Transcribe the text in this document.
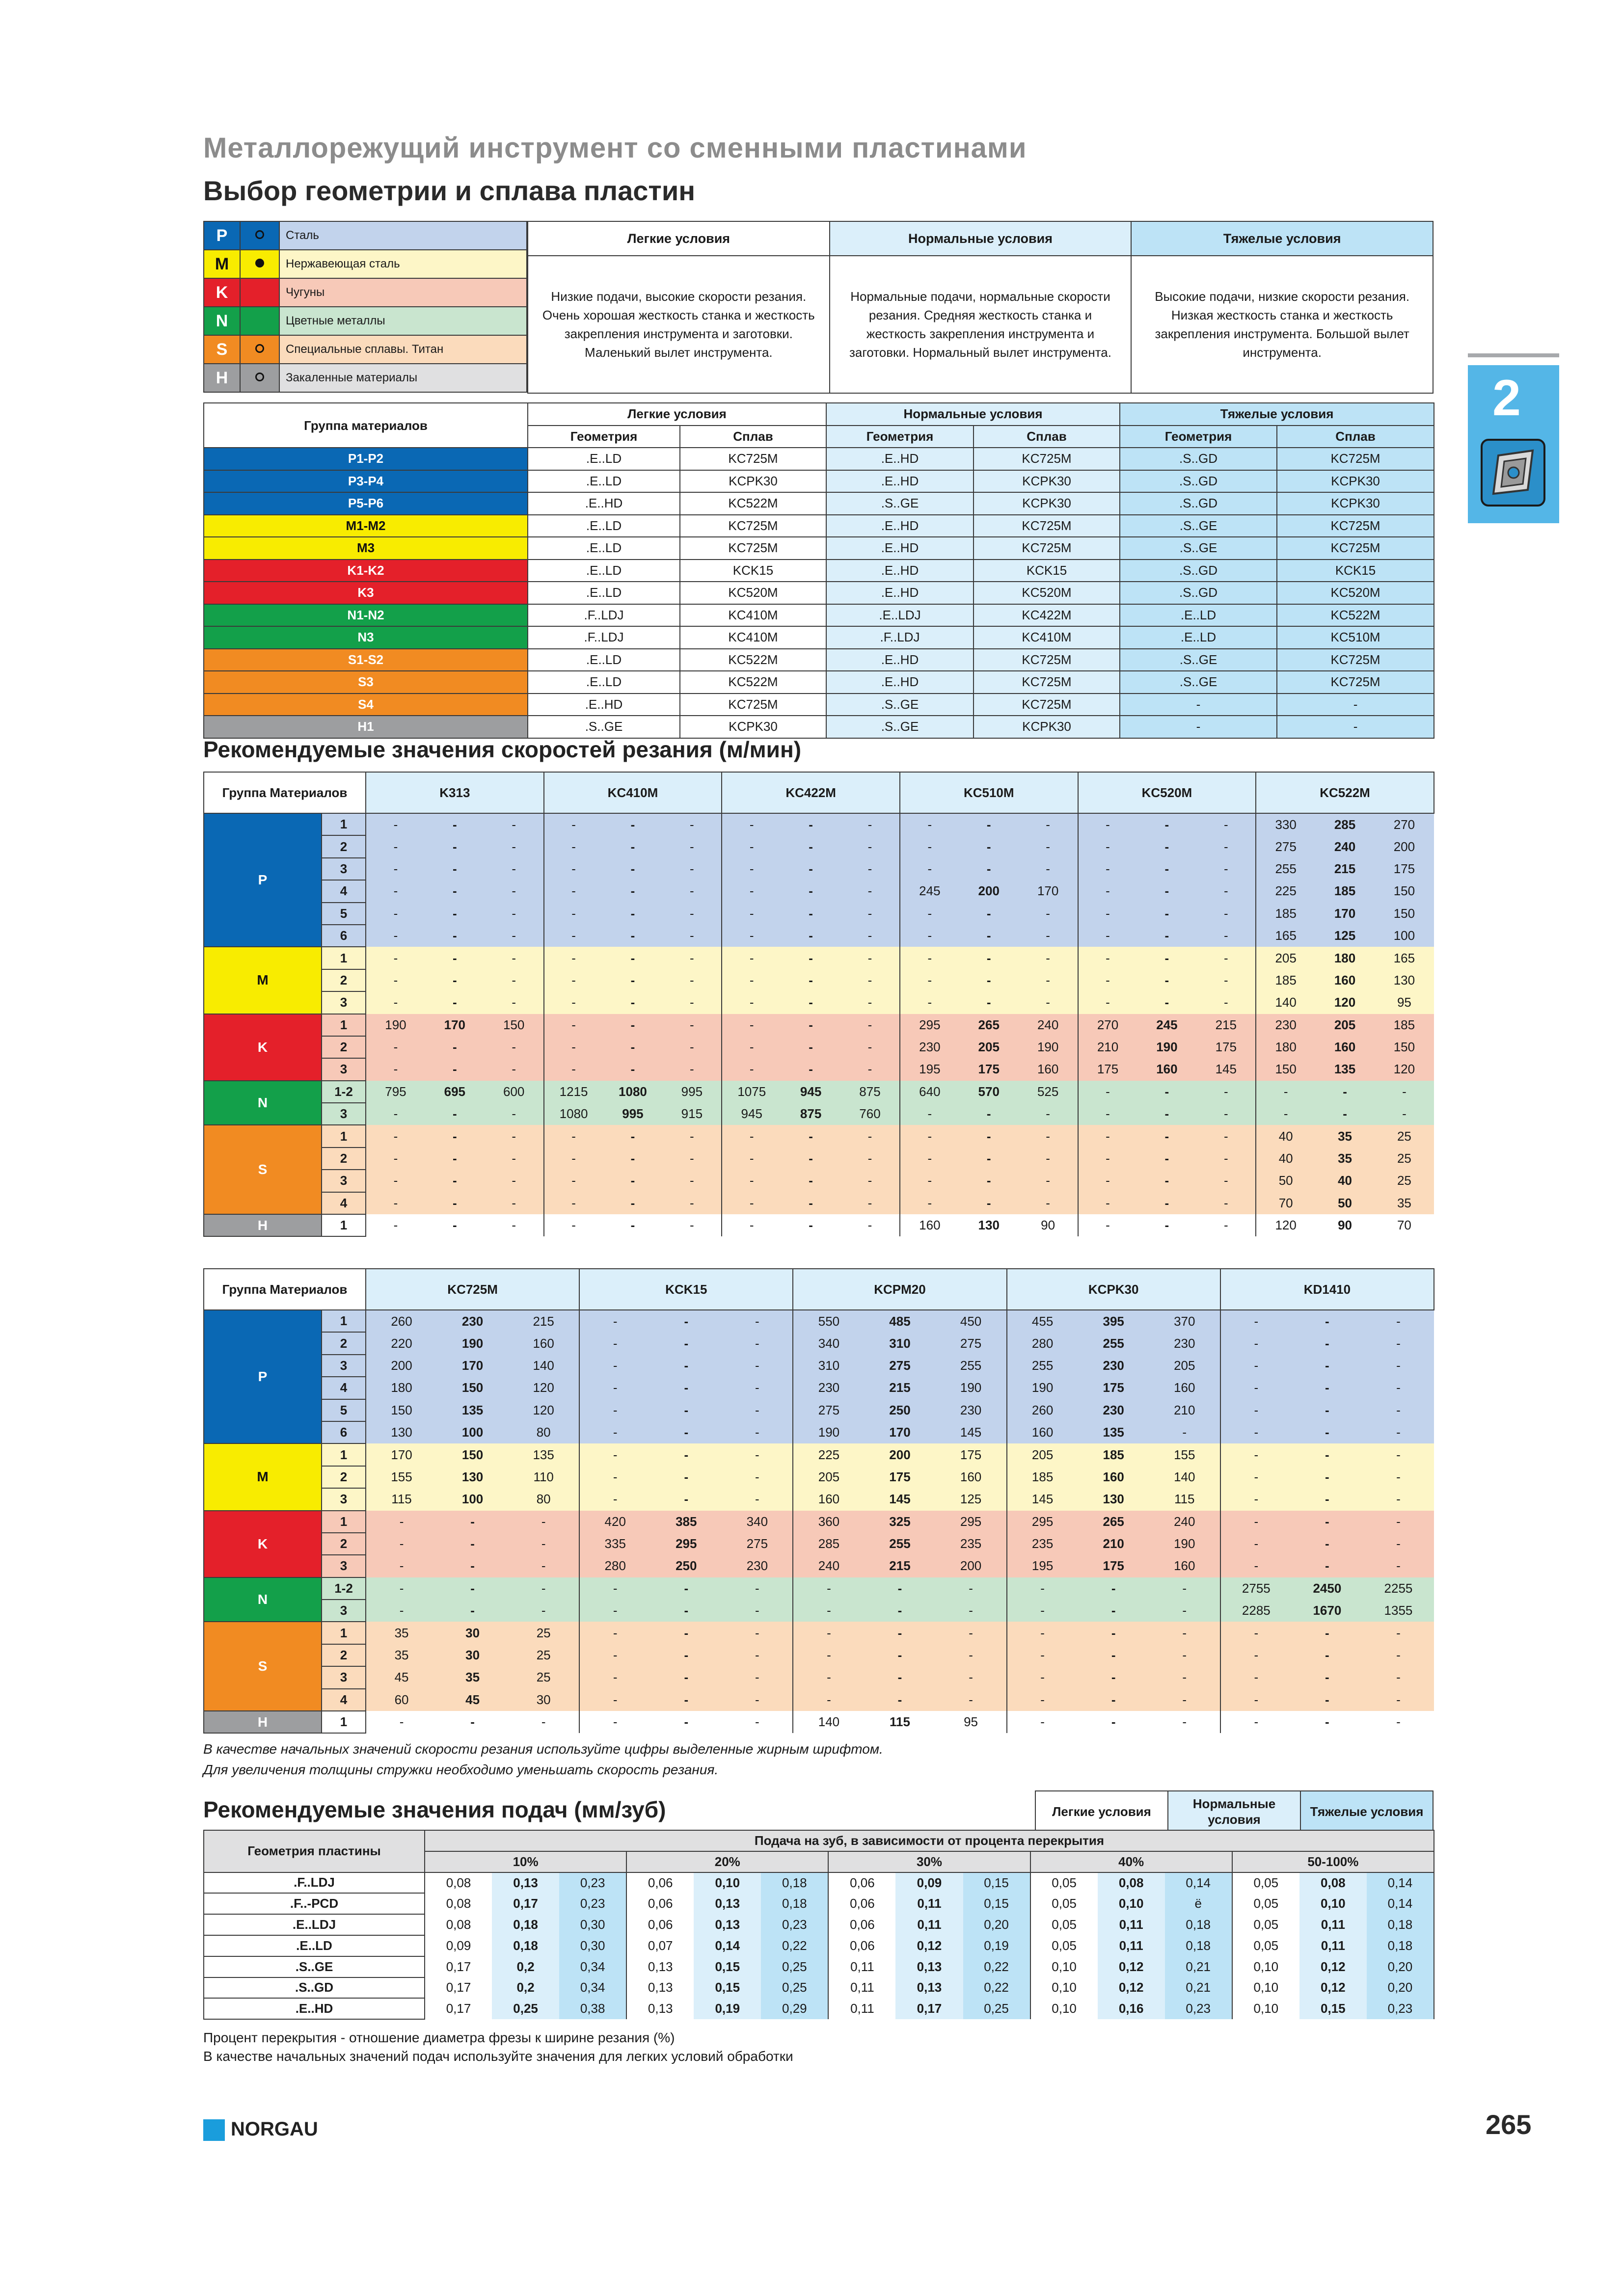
Металлорежущий инструмент со сменными пластинами
Выбор геометрии и сплава пластин
P		Сталь
M		Нержавеющая сталь
K		Чугуны
N		Цветные металлы
S		Специальные сплавы. Титан
H		Закаленные материалы
Легкие условия	Нормальные условия	Тяжелые условия
Низкие подачи, высокие скорости резания. Очень хорошая жесткость станка и жесткость закрепления инструмента и заготовки. Маленький вылет инструмента.	Нормальные подачи, нормальные скорости резания. Средняя жесткость станка и жесткость закрепления инструмента и заготовки. Нормальный вылет инструмента.	Высокие подачи, низкие скорости резания. Низкая жесткость станка и жесткость закрепления инструмента. Большой вылет инструмента.
Группа материалов	Легкие условия		Нормальные условия		Тяжелые условия	
	Геометрия	Сплав	Геометрия	Сплав	Геометрия	Сплав
P1-P2	.E..LD	KC725M	.E..HD	KC725M	.S..GD	KC725M
P3-P4	.E..LD	KCPK30	.E..HD	KCPK30	.S..GD	KCPK30
P5-P6	.E..HD	KC522M	.S..GE	KCPK30	.S..GD	KCPK30
M1-M2	.E..LD	KC725M	.E..HD	KC725M	.S..GE	KC725M
M3	.E..LD	KC725M	.E..HD	KC725M	.S..GE	KC725M
K1-K2	.E..LD	KCK15	.E..HD	KCK15	.S..GD	KCK15
K3	.E..LD	KC520M	.E..HD	KC520M	.S..GD	KC520M
N1-N2	.F..LDJ	KC410M	.E..LDJ	KC422M	.E..LD	KC522M
N3	.F..LDJ	KC410M	.F..LDJ	KC410M	.E..LD	KC510M
S1-S2	.E..LD	KC522M	.E..HD	KC725M	.S..GE	KC725M
S3	.E..LD	KC522M	.E..HD	KC725M	.S..GE	KC725M
S4	.E..HD	KC725M	.S..GE	KC725M	-	-
H1	.S..GE	KCPK30	.S..GE	KCPK30	-	-
Рекомендуемые значения скоростей резания (м/мин)
Группа Материалов		K313			KC410M			KC422M			KC510M			KC520M			KC522M		
P	1	-	-	-	-	-	-	-	-	-	-	-	-	-	-	-	330	285	270
	2	-	-	-	-	-	-	-	-	-	-	-	-	-	-	-	275	240	200
	3	-	-	-	-	-	-	-	-	-	-	-	-	-	-	-	255	215	175
	4	-	-	-	-	-	-	-	-	-	245	200	170	-	-	-	225	185	150
	5	-	-	-	-	-	-	-	-	-	-	-	-	-	-	-	185	170	150
	6	-	-	-	-	-	-	-	-	-	-	-	-	-	-	-	165	125	100
M	1	-	-	-	-	-	-	-	-	-	-	-	-	-	-	-	205	180	165
	2	-	-	-	-	-	-	-	-	-	-	-	-	-	-	-	185	160	130
	3	-	-	-	-	-	-	-	-	-	-	-	-	-	-	-	140	120	95
K	1	190	170	150	-	-	-	-	-	-	295	265	240	270	245	215	230	205	185
	2	-	-	-	-	-	-	-	-	-	230	205	190	210	190	175	180	160	150
	3	-	-	-	-	-	-	-	-	-	195	175	160	175	160	145	150	135	120
N	1-2	795	695	600	1215	1080	995	1075	945	875	640	570	525	-	-	-	-	-	-
	3	-	-	-	1080	995	915	945	875	760	-	-	-	-	-	-	-	-	-
S	1	-	-	-	-	-	-	-	-	-	-	-	-	-	-	-	40	35	25
	2	-	-	-	-	-	-	-	-	-	-	-	-	-	-	-	40	35	25
	3	-	-	-	-	-	-	-	-	-	-	-	-	-	-	-	50	40	25
	4	-	-	-	-	-	-	-	-	-	-	-	-	-	-	-	70	50	35
H	1	-	-	-	-	-	-	-	-	-	160	130	90	-	-	-	120	90	70
Группа Материалов		KC725M			KCK15			KCPM20			KCPK30			KD1410		
P	1	260	230	215	-	-	-	550	485	450	455	395	370	-	-	-
	2	220	190	160	-	-	-	340	310	275	280	255	230	-	-	-
	3	200	170	140	-	-	-	310	275	255	255	230	205	-	-	-
	4	180	150	120	-	-	-	230	215	190	190	175	160	-	-	-
	5	150	135	120	-	-	-	275	250	230	260	230	210	-	-	-
	6	130	100	80	-	-	-	190	170	145	160	135	-	-	-	-
M	1	170	150	135	-	-	-	225	200	175	205	185	155	-	-	-
	2	155	130	110	-	-	-	205	175	160	185	160	140	-	-	-
	3	115	100	80	-	-	-	160	145	125	145	130	115	-	-	-
K	1	-	-	-	420	385	340	360	325	295	295	265	240	-	-	-
	2	-	-	-	335	295	275	285	255	235	235	210	190	-	-	-
	3	-	-	-	280	250	230	240	215	200	195	175	160	-	-	-
N	1-2	-	-	-	-	-	-	-	-	-	-	-	-	2755	2450	2255
	3	-	-	-	-	-	-	-	-	-	-	-	-	2285	1670	1355
S	1	35	30	25	-	-	-	-	-	-	-	-	-	-	-	-
	2	35	30	25	-	-	-	-	-	-	-	-	-	-	-	-
	3	45	35	25	-	-	-	-	-	-	-	-	-	-	-	-
	4	60	45	30	-	-	-	-	-	-	-	-	-	-	-	-
H	1	-	-	-	-	-	-	140	115	95	-	-	-	-	-	-
В качестве начальных значений скорости резания используйте цифры выделенные жирным шрифтом.
Для увеличения толщины стружки необходимо уменьшать скорость резания.
Рекомендуемые значения подач (мм/зуб)	Легкие условия	Нормальные условия	Тяжелые условия
Геометрия пластины	Подача на зуб, в зависимости от процента перекрытия														
	10%			20%			30%			40%			50-100%		
.F..LDJ	0,08	0,13	0,23	0,06	0,10	0,18	0,06	0,09	0,15	0,05	0,08	0,14	0,05	0,08	0,14
.F..-PCD	0,08	0,17	0,23	0,06	0,13	0,18	0,06	0,11	0,15	0,05	0,10	ё	0,05	0,10	0,14
.E..LDJ	0,08	0,18	0,30	0,06	0,13	0,23	0,06	0,11	0,20	0,05	0,11	0,18	0,05	0,11	0,18
.E..LD	0,09	0,18	0,30	0,07	0,14	0,22	0,06	0,12	0,19	0,05	0,11	0,18	0,05	0,11	0,18
.S..GE	0,17	0,2	0,34	0,13	0,15	0,25	0,11	0,13	0,22	0,10	0,12	0,21	0,10	0,12	0,20
.S..GD	0,17	0,2	0,34	0,13	0,15	0,25	0,11	0,13	0,22	0,10	0,12	0,21	0,10	0,12	0,20
.E..HD	0,17	0,25	0,38	0,13	0,19	0,29	0,11	0,17	0,25	0,10	0,16	0,23	0,10	0,15	0,23
Процент перекрытия - отношение диаметра фрезы к ширине резания (%)
В качестве начальных значений подач используйте значения для легких условий обработки
2
NORGAU	265
